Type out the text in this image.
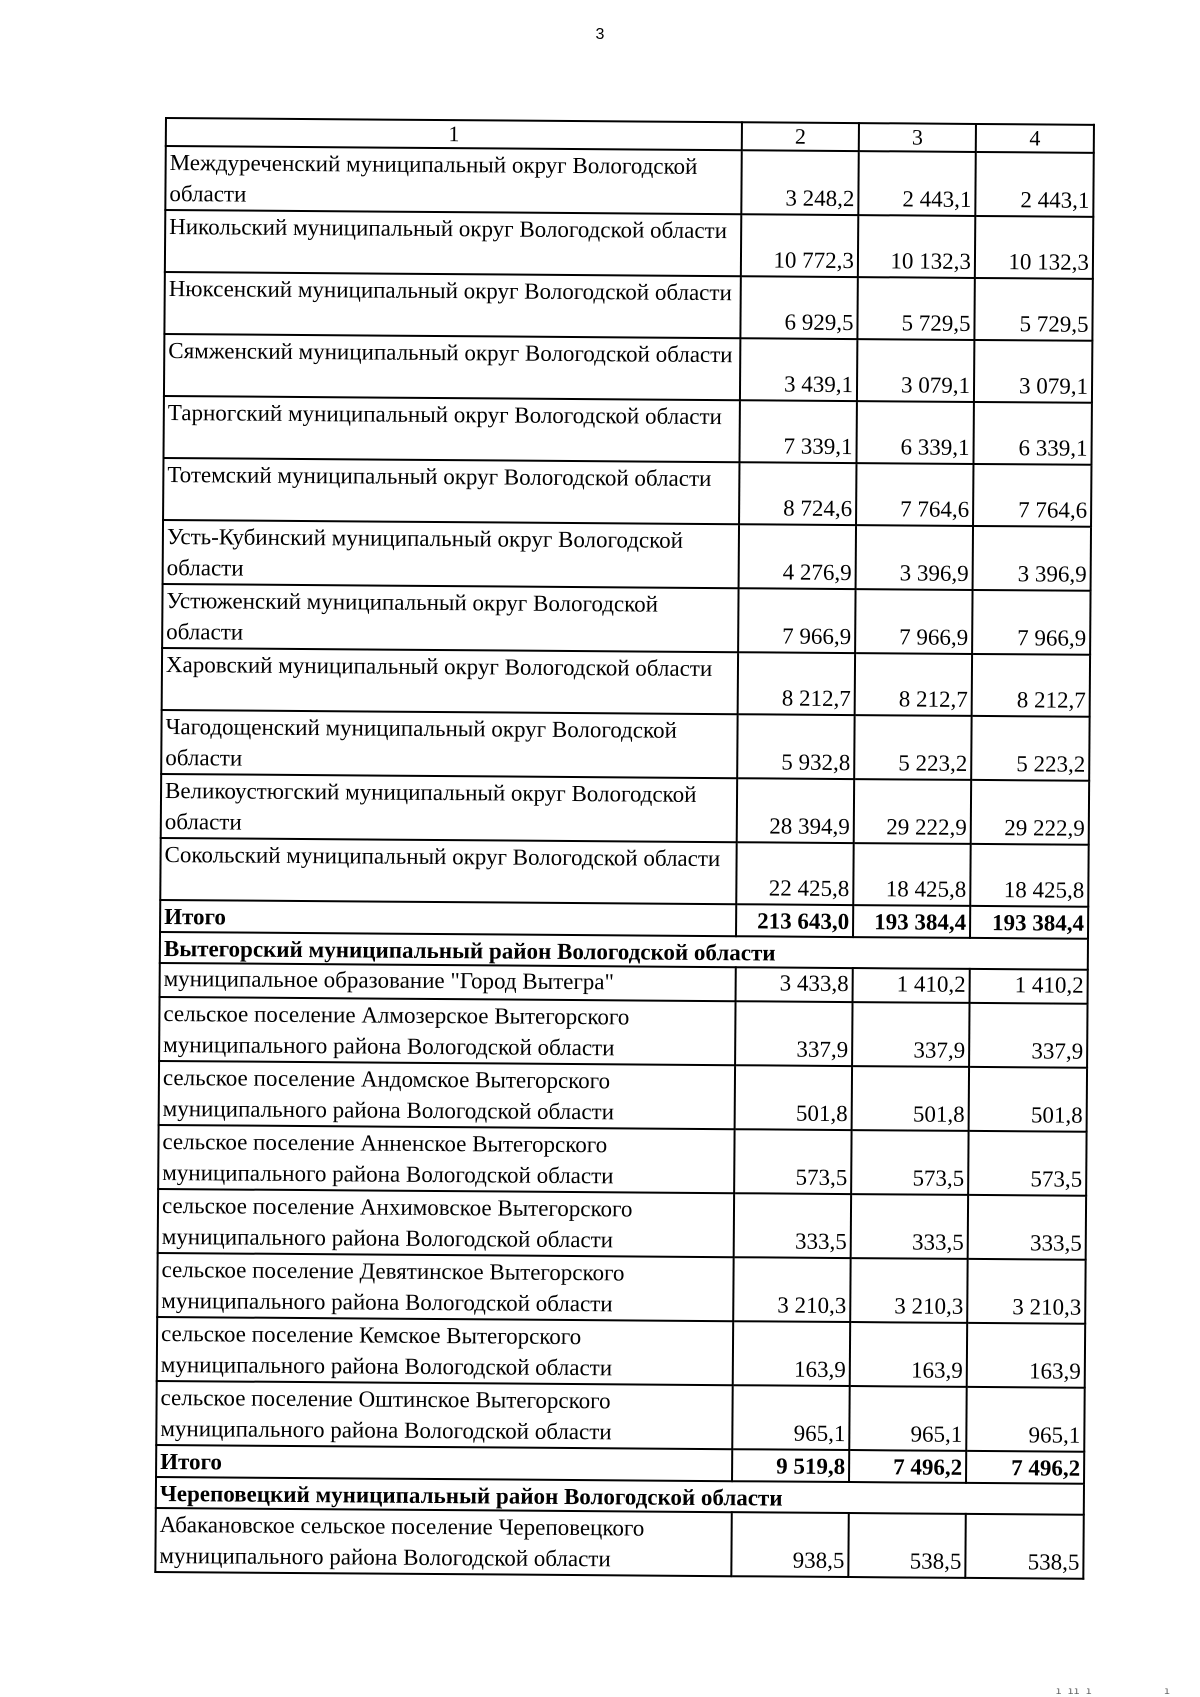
3
1	2	3	4
Междуреченский муниципальный округ Вологодской области	3 248,2	2 443,1	2 443,1
Никольский муниципальный округ Вологодской области	10 772,3	10 132,3	10 132,3
Нюксенский муниципальный округ Вологодской области	6 929,5	5 729,5	5 729,5
Сямженский муниципальный округ Вологодской области	3 439,1	3 079,1	3 079,1
Тарногский муниципальный округ Вологодской области	7 339,1	6 339,1	6 339,1
Тотемский муниципальный округ Вологодской области	8 724,6	7 764,6	7 764,6
Усть-Кубинский муниципальный округ Вологодской области	4 276,9	3 396,9	3 396,9
Устюженский муниципальный округ Вологодской области	7 966,9	7 966,9	7 966,9
Харовский муниципальный округ Вологодской области	8 212,7	8 212,7	8 212,7
Чагодощенский муниципальный округ Вологодской области	5 932,8	5 223,2	5 223,2
Великоустюгский муниципальный округ Вологодской области	28 394,9	29 222,9	29 222,9
Сокольский муниципальный округ Вологодской области	22 425,8	18 425,8	18 425,8
Итого	213 643,0	193 384,4	193 384,4
Вытегорский муниципальный район Вологодской области			
муниципальное образование "Город Вытегра"	3 433,8	1 410,2	1 410,2
сельское поселение Алмозерское Вытегорского муниципального района Вологодской области	337,9	337,9	337,9
сельское поселение Андомское Вытегорского муниципального района Вологодской области	501,8	501,8	501,8
сельское поселение Анненское Вытегорского муниципального района Вологодской области	573,5	573,5	573,5
сельское поселение Анхимовское Вытегорского муниципального района Вологодской области	333,5	333,5	333,5
сельское поселение Девятинское Вытегорского муниципального района Вологодской области	3 210,3	3 210,3	3 210,3
сельское поселение Кемское Вытегорского муниципального района Вологодской области	163,9	163,9	163,9
сельское поселение Оштинское Вытегорского муниципального района Вологодской области	965,1	965,1	965,1
Итого	9 519,8	7 496,2	7 496,2
Череповецкий муниципальный район Вологодской области			
Абакановское сельское поселение Череповецкого муниципального района Вологодской области	938,5	538,5	538,5
ı ıı ı            ı
